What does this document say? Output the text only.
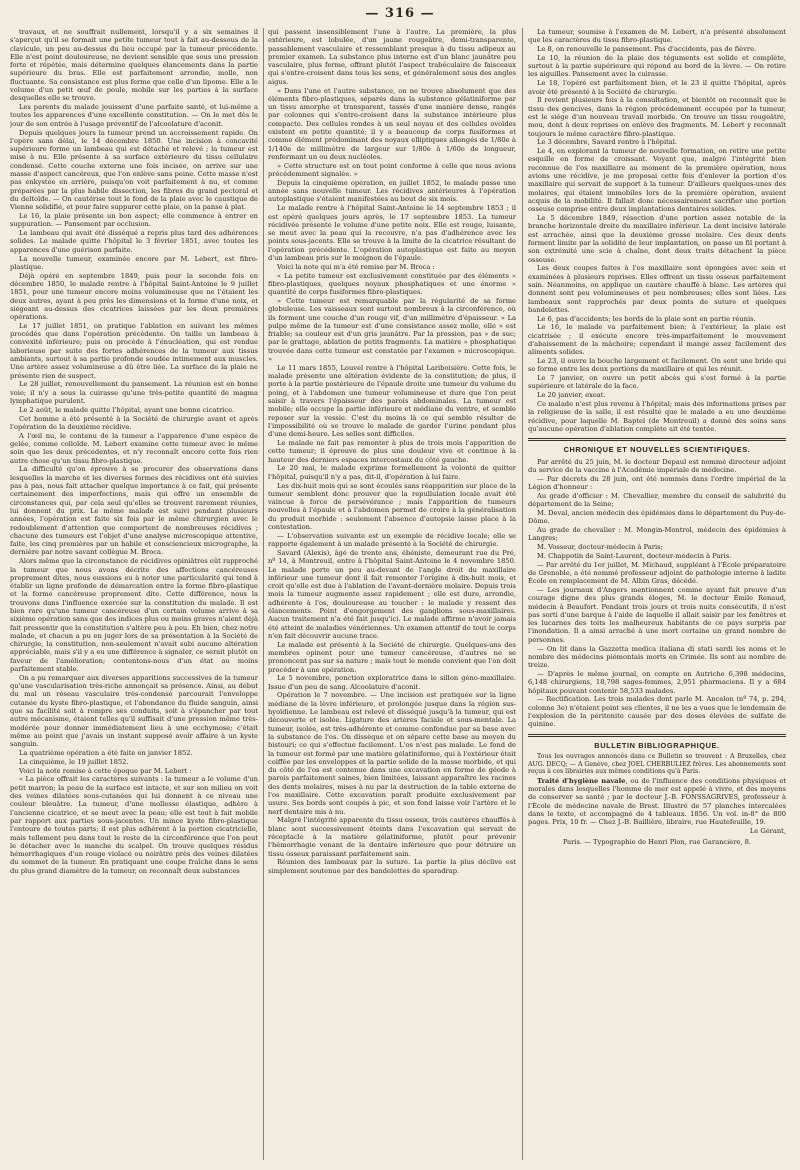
— 316 —

travaux, et ne souffrait nullement, lorsqu'il y a six semaines il s'aperçut qu'il se formait une petite tumeur tout à fait au-dessous de la clavicule, un peu au-dessus du lieu occupé par la tumeur précédente. Elle n'est point douloureuse, ne devient sensible que sous une pression forte et répétée, mais détermine quelques élancements dans la partie supérieure du bras. Elle est parfaitement arrondie, molle, non fluctuante. Sa consistance est plus ferme que celle d'un lipome. Elle a le volume d'un petit œuf de poule, mobile sur les parties à la surface desquelles elle se trouve.

Les parents du malade jouissent d'une parfaite santé, et lui-même a toutes les apparences d'une excellente constitution. — On le met dès le jour de son entrée à l'usage préventif de l'alcoolature d'aconit.

Depuis quelques jours la tumeur prend un accroissement rapide. On l'opère sans délai, le 14 décembre 1850. Une incision à concavité supérieure forme un lambeau qui est détaché et relevé ; la tumeur est mise à nu. Elle présente à sa surface extérieure du tissu cellulaire condensé. Cette couche externe une fois incisée, on arrive sur une masse d'aspect cancéreux, que l'on enlève sans peine. Cette masse n'est pas enkystée en arrière, puisqu'on voit parfaitement à nu, et comme préparées par la plus habile dissection, les fibres du grand pectoral et du deltoïde. — On cautérise tout le fond de la plaie avec le caustique de Vienne solidifié, et pour faire suppurer cette plaie, on la panse à plat.

Le 16, la plaie présente un bon aspect; elle commence à entrer en suppuration. — Pansement par occlusion.

Le lambeau qui avait été disséqué a repris plus tard des adhérences solides. Le malade quitte l'hôpital le 3 février 1851, avec toutes les apparences d'une guérison parfaite.

La nouvelle tumeur, examinée encore par M. Lebert, est fibro-plastique.

Déjà opéré en septembre 1849, puis pour la seconde fois en décembre 1850, le malade rentre à l'hôpital Saint-Antoine le 9 juillet 1851, pour une tumeur encore moins volumineuse que ne l'étaient les deux autres, ayant à peu près les dimensions et la forme d'une noix, et siégeant au-dessus des cicatrices laissées par les deux premières opérations.

Le 17 juillet 1851, on pratique l'ablation en suivant les mêmes procédés que dans l'opération précédente. On taille un lambeau à convexité inférieure; puis on procède à l'énucléation, qui est rendue laborieuse par suite des fortes adhérences de la tumeur aux tissus ambiants, surtout à sa partie profonde soudée intimement aux muscles. Une artère assez volumineuse a dû être liée. La surface de la plaie ne présente rien de suspect.

Le 28 juillet, renouvellement du pansement. La réunion est en bonne voie; il n'y a sous la cuirasse qu'une très-petite quantité de magma lymphatique purulent.

Le 2 août, le malade quitte l'hôpital, ayant une bonne cicatrice.

Cet homme a été présenté à la Société de chirurgie avant et après l'opération de la deuxième récidive.

A l'œil nu, le contenu de la tumeur a l'apparence d'une espèce de gelée, comme colloïde. M. Lebert examine cette tumeur avec le même soin que les deux précédentes, et n'y reconnaît encore cette fois rien autre chose qu'un tissu fibro-plastique.

La difficulté qu'on éprouve à se procurer des observations dans lesquelles la marche et les diverses formes des récidives ont été suivies pas à pas, nous fait attacher quelque importance à ce fait, qui présente certainement des imperfections, mais qui offre un ensemble de circonstances qui, par cela seul qu'elles se trouvent rarement réunies, lui donnent du prix. Le même malade est suivi pendant plusieurs années, l'opération est faite six fois par le même chirurgien avec le redoublement d'attention que comportent de nombreuses récidives ; chacune des tumeurs est l'objet d'une analyse microscopique attentive, faite, les cinq premières par un habile et consciencieux micrographe, la dernière par notre savant collègue M. Broca.

Alors même que la circonstance de récidives opiniâtres eût rapproché la tumeur que nous avons décrite des affections cancéreuses proprement dites, nous eussions eu à noter une particularité qui tend à établir un ligne profonde de démarcation entre la forme fibro-plastique et la forme cancéreuse proprement dite. Cette différence, nous la trouvons dans l'influence exercée sur la constitution du malade. Il est bien rare qu'une tumeur cancéreuse d'un certain volume arrive à sa sixième opération sans que des indices plus ou moins graves n'aient déjà fait pressentir que la constitution s'altère peu à peu. Eh bien, chez notre malade, et chacun a pu en juger lors de sa présentation à la Société de chirurgie, la constitution, non-seulement n'avait subi aucune altération appréciable, mais s'il y a eu une différence à signaler, ce serait plutôt en faveur de l'amélioration; contentons-nous d'un état au moins parfaitement stable.

On a pu remarquer aux diverses apparitions successives de la tumeur qu'une vascularisation très-riche annonçait sa présence. Ainsi, au début du mal un réseau vasculaire très-condensé parcourait l'enveloppe cutanée du kyste fibro-plastique, et l'abondance du fluide sanguin, ainsi que sa facilité soit à rompre ses conduits, soit à s'épancher par tout autre mécanisme, étaient telles qu'il suffisait d'une pression même très-modérée pour donner immédiatement lieu à une ecchymose; c'était même au point que j'avais un instant supposé avoir affaire à un kyste sanguin.

La quatrième opération a été faite en janvier 1852.

La cinquième, le 19 juillet 1852.

Voici la note remise à cette époque par M. Lebert :

« La pièce offrait les caractères suivants : la tumeur a le volume d'un petit marron; la peau de la surface est intacte, et sur son milieu on voit des veines dilatées sous-cutanées qui lui donnent à ce niveau une couleur bleuâtre. La tumeur, d'une mollesse élastique, adhère à l'ancienne cicatrice, et se meut avec la peau; elle est tout à fait mobile par rapport aux parties sous-jacentes. Un mince kyste fibro-plastique l'entoure de toutes parts; il est plus adhérent à la portion cicatricielle, mais tellement peu dans tout le reste de la circonférence que l'on peut le détacher avec le manche du scalpel. On trouve quelques résidus hémorrhagiques d'un rouge violacé ou noirâtre près des veines dilatées du sommet de la tumeur. En pratiquant une coupe fraîche dans le sens du plus grand diamètre de la tumeur, on reconnaît deux substances

qui passent insensiblement l'une à l'autre. La première, la plus extérieure, est lobulée, d'un jaune rougeâtre, demi-transparente, passablement vasculaire et ressemblant presque à du tissu adipeux au premier examen. La substance plus interne est d'un blanc jaunâtre peu vasculaire, plus ferme, offrant plutôt l'aspect trabéculaire de faisceaux qui s'entre-croisent dans tous les sens, et généralement sous des angles aigus.

» Dans l'une et l'autre substance, on ne trouve absolument que des éléments fibro-plastiques, séparés dans la substance gélatiniforme par un tissu amorphe et transparent, tassés d'une manière dense, rangés par colonnes qui s'entre-croisent dans la substance intérieure plus compacte. Des cellules rondes à un seul noyau et des cellules ovoïdes existent en petite quantité; il y a beaucoup de corps fusiformes et comme élément prédominant des noyaux elliptiques allongés de 1/80e à 1/140e de millimètre de largeur sur 1/80e à 1/60e de longueur, renfermant un ou deux nucléoles.

» Cette structure est en tout point conforme à celle que nous avions précédemment signalée. »

Depuis la cinquième opération, en juillet 1852, le malade passe une année sans nouvelle tumeur. Les récidives antérieures à l'opération autoplastique s'étaient manifestées au bout de six mois.

Le malade rentre à l'hôpital Saint-Antoine le 14 septembre 1853 ; il est opéré quelques jours après, le 17 septembre 1853. La tumeur récidivée présente le volume d'une petite noix. Elle est rouge, luisante, se meut avec la peau qui la recouvre, n'a pas d'adhérence avec les points sous-jacents. Elle se trouve à la limite de la cicatrice résultant de l'opération précédente. L'opération autoplastique est faite au moyen d'un lambeau pris sur le moignon de l'épaule.

Voici la note qui m'a été remise par M. Broca :

« La petite tumeur est exclusivement constituée par des éléments » fibro-plastiques, quelques noyaux phosphatiques et une énorme » quantité de corps fusiformes fibro-plastiques.

» Cette tumeur est remarquable par la régularité de sa forme globuleuse. Les vaisseaux sont surtout nombreux à la circonférence, où ils forment une couche d'un rouge vif, d'un millimètre d'épaisseur. » La pulpe même de la tumeur est d'une consistance assez molle, elle » est friable; sa couleur est d'un gris jaunâtre. Par la pression, pas » de suc; par le grattage, ablation de petits fragments. La matière » phosphatique trouvée dans cette tumeur est constatée par l'examen » microscopique. »

Le 11 mars 1855, Louvel rentre à l'hôpital Lariboisière. Cette fois, le malade présente une altération évidente de la constitution; de plus, il porte à la partie postérieure de l'épaule droite une tumeur du volume du poing, et à l'abdomen une tumeur volumineuse et dure que l'on peut saisir à travers l'épaisseur des parois abdominales. La tumeur est mobile; elle occupe la partie inférieure et médiane du ventre, et semble reposer sur la vessie. C'est du moins là ce qui semble résulter de l'impossibilité où se trouve le malade de garder l'urine pendant plus d'une demi-heure. Les selles sont difficiles.

Le malade ne fait pas remonter à plus de trois mois l'apparition de cette tumeur; il éprouve de plus une douleur vive et continue à la hauteur des derniers espaces intercostaux du côté gauche.

Le 20 mai, le malade exprime formellement la volonté de quitter l'hôpital, puisqu'il n'y a pas, dit-il, d'opération à lui faire.

Les dix-huit mois qui se sont écoulés sans réapparition sur place de la tumeur semblent donc prouver que la repullulation locale avait été vaincue à force de persévérance ; mais l'apparition de tumeurs nouvelles à l'épaule et à l'abdomen permet de croire à la généralisation du produit morbide : seulement l'absence d'autopsie laisse place à la contestation.

— L'observation suivante est un exemple de récidive locale; elle se rapporte également à un malade présenté à la Société de chirurgie.

Savard (Alexis), âgé de trente ans, ébéniste, demeurant rue du Pré, nº 14, à Montreuil, entre à l'hôpital Saint-Antoine le 4 novembre 1850. Le malade porte un peu au-devant de l'angle droit du maxillaire inférieur une tumeur dont il fait remonter l'origine à dix-huit mois, et croit qu'elle est due à l'ablation de l'avant-dernière molaire. Depuis trois mois la tumeur augmente assez rapidement ; elle est dure, arrondie, adhérente à l'os, douloureuse au toucher : le malade y ressent des élancements. Point d'engorgement des ganglions sous-maxillaires. Aucun traitement n'a été fait jusqu'ici. Le malade affirme n'avoir jamais été atteint de maladies vénériennes. Un examen attentif de tout le corps n'en fait découvrir aucune trace.

Le malade est présenté à la Société de chirurgie. Quelques-uns des membres opinent pour une tumeur cancéreuse, d'autres ne se prononcent pas sur sa nature ; mais tout le monde convient que l'on doit procéder à une opération.

Le 5 novembre, ponction exploratrice dans le sillon géno-maxillaire. Issue d'un peu de sang. Alcoolature d'aconit.

Opération le 7 novembre. — Une incision est pratiquée sur la ligne médiane de la lèvre inférieure, et prolongée jusque dans la région sus-hyoïdienne. Le lambeau est relevé et disséqué jusqu'à la tumeur, qui est découverte et isolée. Ligature des artères faciale et sous-mentale. La tumeur, isolée, est très-adhérente et comme confondue par sa base avec la substance de l'os. On dissèque et on sépare cette base au moyen du bistouri; ce qui s'effectue facilement. L'os n'est pas malade. Le fond de la tumeur est formé par une matière gélatiniforme, qui à l'extérieur était coiffée par les enveloppes et la partie solide de la masse morbide, et qui du côté de l'os est contenue dans une excavation en forme de géode à parois parfaitement saines, bien limitées, laissant apparaître les racines des dents molaires, mises à nu par la destruction de la table externe de l'os maxillaire. Cette excavation paraît produite exclusivement par usure. Ses bords sont coupés à pic, et son fond laisse voir l'artère et le nerf dentaire mis à nu.

Malgré l'intégrité apparente du tissu osseux, trois cautères chauffés à blanc sont successivement éteints dans l'excavation qui servait de réceptacle à la matière gélatiniforme, plutôt pour prévenir l'hémorrhagie venant de la dentaire inférieure que pour détruire un tissu osseux paraissant parfaitement sain.

Réunion des lambeaux par la suture. La partie la plus déclive est simplement soutenue par des bandelettes de sparadrap.

La tumeur, soumise à l'examen de M. Lebert, n'a présenté absolument que les caractères du tissu fibro-plastique.

Le 8, on renouvelle le pansement. Pas d'accidents, pas de fièvre.

Le 10, la réunion de la plaie des téguments est solide et complète, surtout à la partie supérieure qui répond au bord de la lèvre. — On retire les aiguilles. Pansement avec la cuirasse.

Le 18, l'opéré est parfaitement bien, et le 23 il quitte l'hôpital, après avoir été présenté à la Société de chirurgie.

Il revient plusieurs fois à la consultation, et bientôt on reconnaît que le tissu des gencives, dans la région précédemment occupée par la tumeur, est le siége d'un nouveau travail morbide. On trouve un tissu rougeâtre, mou, dont à deux reprises on enlève des fragments. M. Lebert y reconnaît toujours le même caractère fibro-plastique.

Le 3 décembre, Savard rentre à l'hôpital.

Le 4, en explorant la tumeur de nouvelle formation, on retire une petite esquille en forme de croissant. Voyant que, malgré l'intégrité bien reconnue de l'os maxillaire au moment de la première opération, nous avions une récidive, je me proposai cette fois d'enlever la portion d'os maxillaire qui servait de support à la tumeur. D'ailleurs quelques-unes des molaires, qui étaient immobiles lors de la première opération, avaient acquis de la mobilité. Il fallait donc nécessairement sacrifier une portion osseuse comprise entre deux implantations dentaires solides.

Le 5 décembre 1849, résection d'une portion assez notable de la branche horizontale droite du maxillaire inférieur. La dent incisive latérale est arrachée, ainsi que la deuxième grosse molaire. Ces deux dents forment limite par la solidité de leur implantation, on passe un fil portant à son extrémité une scie à chaîne, dont deux traits détachent la pièce osseuse.

Les deux coupes faites à l'os maxillaire sont épongées avec soin et examinées à plusieurs reprises. Elles offrent un tissu osseux parfaitement sain. Néanmoins, on applique un cautère chauffé à blanc. Les artères qui donnent sont peu volumineuses et peu nombreuses; elles sont liées. Les lambeaux sont rapprochés par deux points de suture et quelques bandelettes.

Le 6, pas d'accidents; les bords de la plaie sont en partie réunis.

Le 16, le malade va parfaitement bien; à l'extérieur, la plaie est cicatrisée ; il exécute encore très-imparfaitement le mouvement d'abaissement de la mâchoire; cependant il mange assez facilement des aliments solides.

Le 23, il ouvre la bouche largement et facilement. On sent une bride qui se forme entre les deux portions du maxillaire et qui les réunit.

Le 7 janvier, on ouvre un petit abcès qui s'est formé à la partie supérieure et latérale de la face.

Le 20 janvier, exeat.

Ce malade n'est plus revenu à l'hôpital; mais des informations prises par la religieuse de la salle, il est résulté que le malade a eu une deuxième récidive, pour laquelle M. Baptel (de Montreuil) a donné des soins sans qu'aucune opération d'ablation complète ait été tentée.

CHRONIQUE ET NOUVELLES SCIENTIFIQUES.

Par arrêté du 25 juin, M. le docteur Depaul est nommé directeur adjoint du service de la vaccine à l'Académie impériale de médecine.

— Par décrets du 28 juin, ont été nommés dans l'ordre impérial de la Légion d'honneur :

Au grade d'officier : M. Chevallier, membre du conseil de salubrité du département de la Seine;

M. Deval, ancien médecin des épidémies dans le département du Puy-de-Dôme.

Au grade de chevalier : M. Mongin-Montrol, médecin des épidémies à Langres;

M. Vosseur, docteur-médecin à Paris;

M. Chappotin de Saint-Laurent, docteur-médecin à Paris.

— Par arrêté du 1er juillet, M. Michaud, suppléant à l'École préparatoire de Grenoble, a été nommé professeur adjoint de pathologie interne à ladite École en remplacement de M. Albin Gras, décédé.

— Les journaux d'Angers mentionnent comme ayant fait preuve d'un courage digne des plus grands éloges, M. le docteur Émile Renaud, médecin à Beaufort. Pendant trois jours et trois nuits consécutifs, il n'est pas sorti d'une barque à l'aide de laquelle il allait saisir par les fenêtres et les lucarnes des toits les malheureux habitants de ce pays surpris par l'inondation. Il a ainsi arraché à une mort certaine un grand nombre de personnes.

— On lit dans la Gazzetta medica italiana di stati sardi les noms et le nombre des médecins piémontais morts en Crimée. Ils sont au nombre de treize.

— D'après le même journal, on compte en Autriche 6,398 médecins, 6,148 chirurgiens, 18,798 sages-femmes, 2,951 pharmaciens. Il y a 684 hôpitaux pouvant contenir 58,533 malades.

— Rectification. Les trois malades dont parle M. Ancelon (nº 74, p. 294, colonne 3e) n'étaient point ses clientes, il ne les a vues que le lendemain de l'explosion de la péritonite causée par des doses élevées de sulfate de quinine.

BULLETIN BIBLIOGRAPHIQUE.

Tous les ouvrages annoncés dans ce Bulletin se trouvent : A Bruxelles, chez AUG. DECQ; — A Genève, chez JOEL CHERBULIEZ frères. Les abonnements sont reçus à ces librairies aux mêmes conditions qu'à Paris.

Traité d'hygiène navale, ou de l'influence des conditions physiques et morales dans lesquelles l'homme de mer est appelé à vivre, et des moyens de conserver sa santé ; par le docteur J.-B. FONSSAGRIVES, professeur à l'École de médecine navale de Brest. Illustré de 57 planches intercalées dans le texte, et accompagné de 4 tableaux. 1856. Un vol. in-8° de 800 pages. Prix, 10 fr. — Chez J.-B. Baillière, libraire, rue Hautefeuille, 19.

Le Gérant,
Paris. — Typographie de Henri Plon, rue Garancière, 8.
